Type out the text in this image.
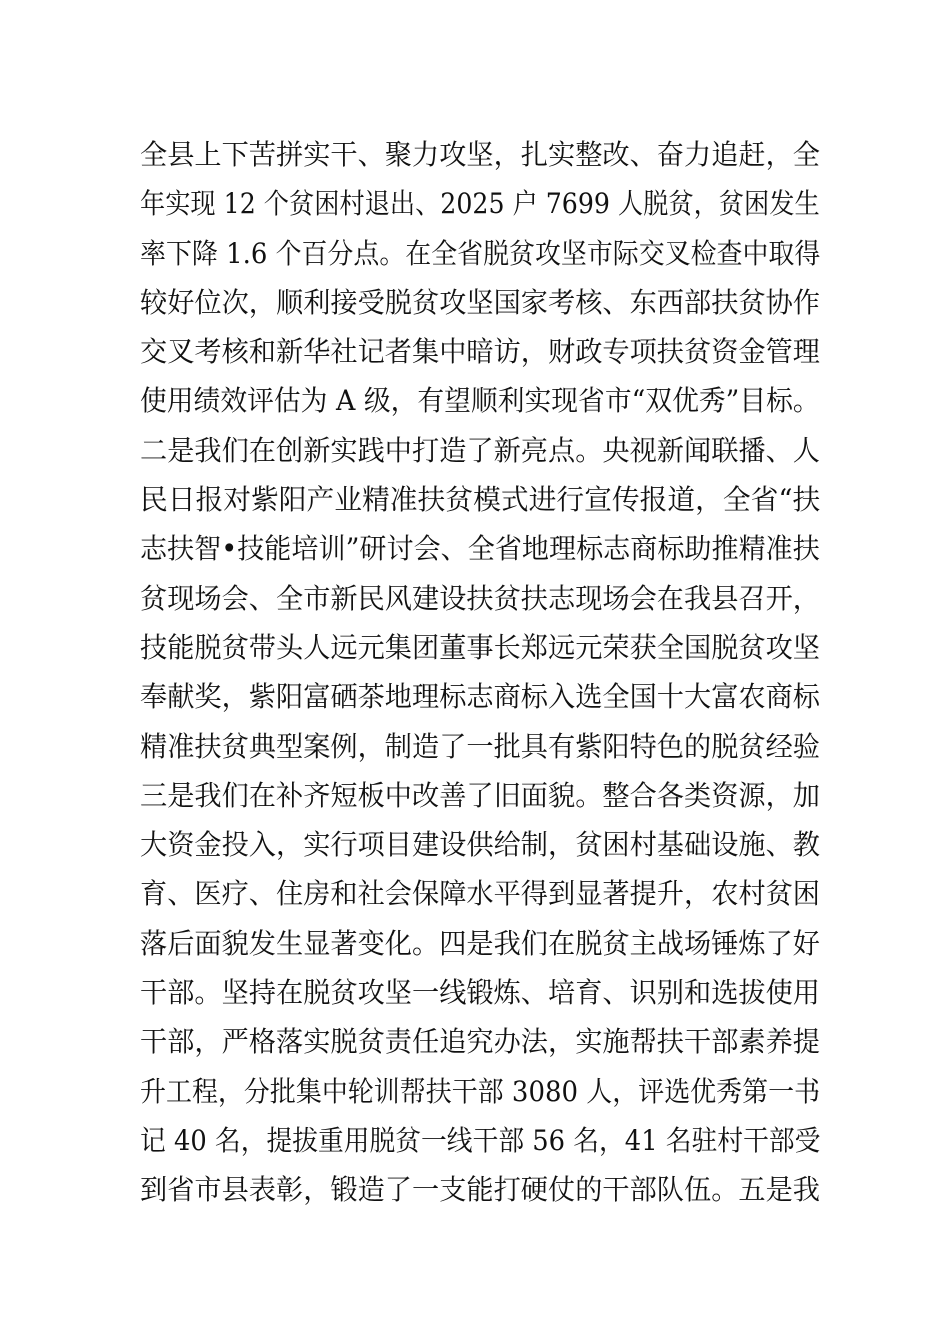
全县上下苦拼实干、聚力攻坚，扎实整改、奋力追赶，全
年实现 12 个贫困村退出、2025 户 7699 人脱贫，贫困发生
率下降 1.6 个百分点。在全省脱贫攻坚市际交叉检查中取得
较好位次，顺利接受脱贫攻坚国家考核、东西部扶贫协作
交叉考核和新华社记者集中暗访，财政专项扶贫资金管理
使用绩效评估为 A 级，有望顺利实现省市“双优秀”目标。
二是我们在创新实践中打造了新亮点。央视新闻联播、人
民日报对紫阳产业精准扶贫模式进行宣传报道，全省“扶
志扶智•技能培训”研讨会、全省地理标志商标助推精准扶
贫现场会、全市新民风建设扶贫扶志现场会在我县召开，
技能脱贫带头人远元集团董事长郑远元荣获全国脱贫攻坚
奉献奖，紫阳富硒茶地理标志商标入选全国十大富农商标
精准扶贫典型案例，制造了一批具有紫阳特色的脱贫经验
三是我们在补齐短板中改善了旧面貌。整合各类资源，加
大资金投入，实行项目建设供给制，贫困村基础设施、教
育、医疗、住房和社会保障水平得到显著提升，农村贫困
落后面貌发生显著变化。四是我们在脱贫主战场锤炼了好
干部。坚持在脱贫攻坚一线锻炼、培育、识别和选拔使用
干部，严格落实脱贫责任追究办法，实施帮扶干部素养提
升工程，分批集中轮训帮扶干部 3080 人，评选优秀第一书
记 40 名，提拔重用脱贫一线干部 56 名，41 名驻村干部受
到省市县表彰，锻造了一支能打硬仗的干部队伍。五是我
